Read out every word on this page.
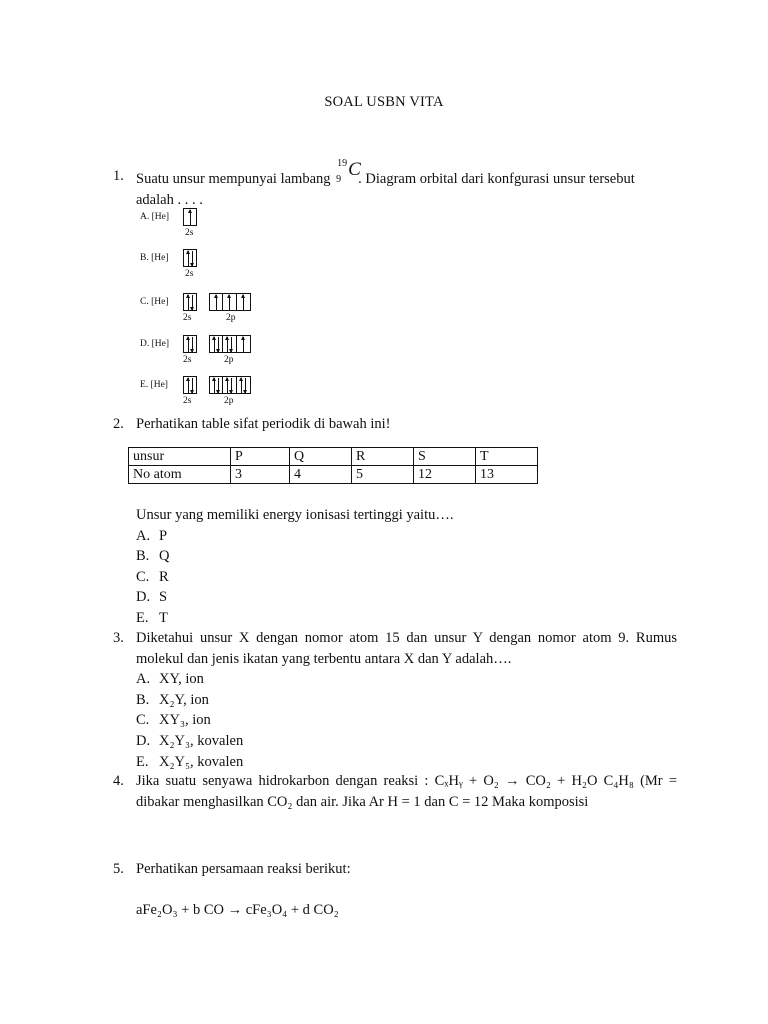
SOAL USBN VITA
1. Suatu unsur mempunyai lambang
19
9 C
. Diagram orbital dari konfgurasi unsur tersebut
adalah . . . .
A. [He]
2s
B. [He]
2s
C. [He]
2s	2p
D. [He]
2s	2p
E. [He]
2s	2p
2. Perhatikan table sifat periodik di bawah ini!
unsur	P	Q	R	S	T
No atom	3	4	5	12	13
Unsur yang memiliki energy ionisasi tertinggi yaitu….
A. P
B. Q
C. R
D. S
E. T
3. Diketahui unsur X dengan nomor atom 15 dan unsur Y dengan nomor atom 9. Rumus molekul dan jenis ikatan yang terbentu antara X dan Y adalah….
A. XY, ion
B. X₂Y, ion
C. XY₃, ion
D. X₂Y₃, kovalen
E. X₂Y₅, kovalen
4. Jika suatu senyawa hidrokarbon dengan reaksi : CₓHᵧ + O₂ → CO₂ + H₂O C₄H₈ (Mr = dibakar menghasilkan CO₂ dan air. Jika Ar H = 1 dan C = 12 Maka komposisi
5. Perhatikan persamaan reaksi berikut:
aFe₂O₃ + b CO → cFe₃O₄ + d CO₂
